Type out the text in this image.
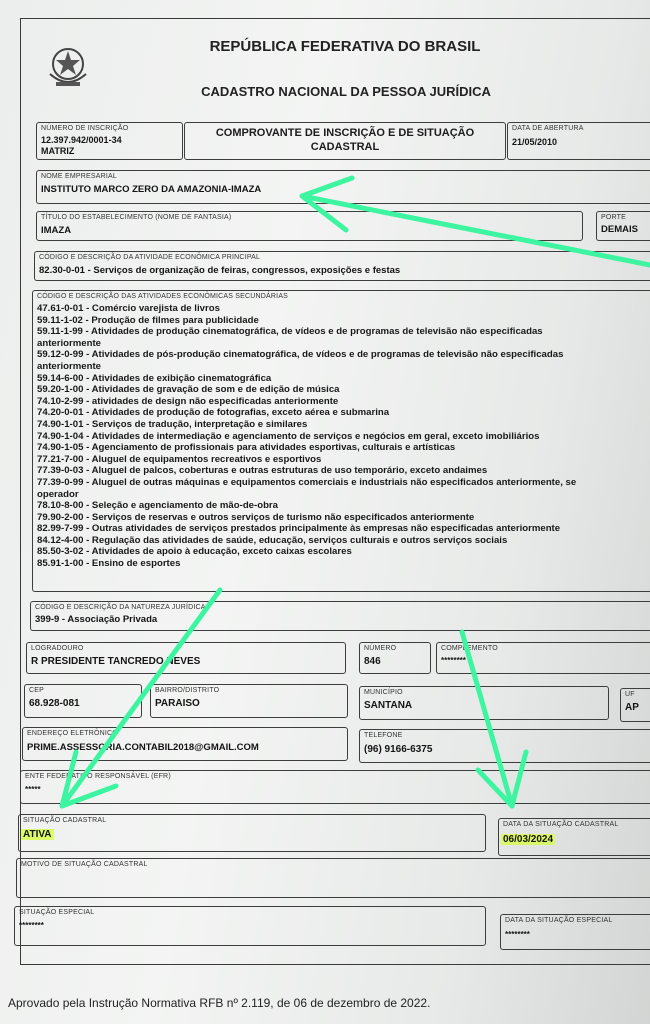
REPÚBLICA FEDERATIVA DO BRASIL
CADASTRO NACIONAL DA PESSOA JURÍDICA
NÚMERO DE INSCRIÇÃO
12.397.942/0001-34
MATRIZ
COMPROVANTE DE INSCRIÇÃO E DE SITUAÇÃO
CADASTRAL
DATA DE ABERTURA
21/05/2010
NOME EMPRESARIAL
INSTITUTO MARCO ZERO DA AMAZONIA-IMAZA
TÍTULO DO ESTABELECIMENTO (NOME DE FANTASIA)
IMAZA
PORTE
DEMAIS
CÓDIGO E DESCRIÇÃO DA ATIVIDADE ECONÔMICA PRINCIPAL
82.30-0-01 - Serviços de organização de feiras, congressos, exposições e festas
CÓDIGO E DESCRIÇÃO DAS ATIVIDADES ECONÔMICAS SECUNDÁRIAS
47.61-0-01 - Comércio varejista de livros
59.11-1-02 - Produção de filmes para publicidade
59.11-1-99 - Atividades de produção cinematográfica, de vídeos e de programas de televisão não especificadas
anteriormente
59.12-0-99 - Atividades de pós-produção cinematográfica, de vídeos e de programas de televisão não especificadas
anteriormente
59.14-6-00 - Atividades de exibição cinematográfica
59.20-1-00 - Atividades de gravação de som e de edição de música
74.10-2-99 - atividades de design não especificadas anteriormente
74.20-0-01 - Atividades de produção de fotografias, exceto aérea e submarina
74.90-1-01 - Serviços de tradução, interpretação e similares
74.90-1-04 - Atividades de intermediação e agenciamento de serviços e negócios em geral, exceto imobiliários
74.90-1-05 - Agenciamento de profissionais para atividades esportivas, culturais e artísticas
77.21-7-00 - Aluguel de equipamentos recreativos e esportivos
77.39-0-03 - Aluguel de palcos, coberturas e outras estruturas de uso temporário, exceto andaimes
77.39-0-99 - Aluguel de outras máquinas e equipamentos comerciais e industriais não especificados anteriormente, se
operador
78.10-8-00 - Seleção e agenciamento de mão-de-obra
79.90-2-00 - Serviços de reservas e outros serviços de turismo não especificados anteriormente
82.99-7-99 - Outras atividades de serviços prestados principalmente às empresas não especificadas anteriormente
84.12-4-00 - Regulação das atividades de saúde, educação, serviços culturais e outros serviços sociais
85.50-3-02 - Atividades de apoio à educação, exceto caixas escolares
85.91-1-00 - Ensino de esportes
CÓDIGO E DESCRIÇÃO DA NATUREZA JURÍDICA
399-9 - Associação Privada
LOGRADOURO
R PRESIDENTE TANCREDO NEVES
NÚMERO
846
COMPLEMENTO
********
CEP
68.928-081
BAIRRO/DISTRITO
PARAISO
MUNICÍPIO
SANTANA
UF
AP
ENDEREÇO ELETRÔNICO
PRIME.ASSESSORIA.CONTABIL2018@GMAIL.COM
TELEFONE
(96) 9166-6375
ENTE FEDERATIVO RESPONSÁVEL (EFR)
*****
SITUAÇÃO CADASTRAL
ATIVA
DATA DA SITUAÇÃO CADASTRAL
06/03/2024
MOTIVO DE SITUAÇÃO CADASTRAL
SITUAÇÃO ESPECIAL
********
DATA DA SITUAÇÃO ESPECIAL
********
Aprovado pela Instrução Normativa RFB nº 2.119, de 06 de dezembro de 2022.
